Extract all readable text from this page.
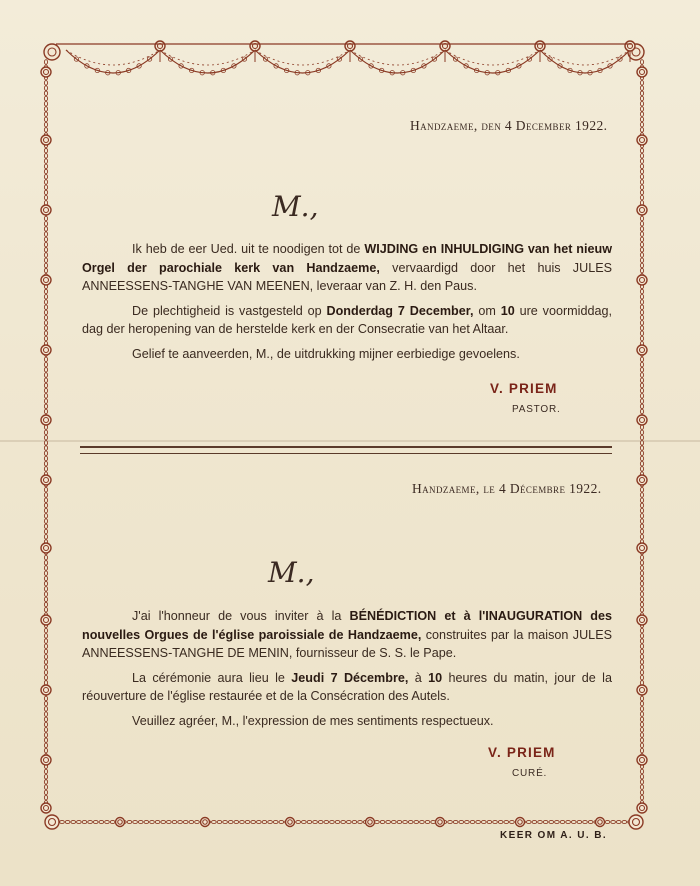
Handzaeme, den 4 December 1922.
M.,

Ik heb de eer Ued. uit te noodigen tot de WIJDING en INHULDIGING van het nieuw Orgel der parochiale kerk van Handzaeme, vervaardigd door het huis JULES ANNEESSENS-TANGHE VAN MEENEN, leveraar van Z. H. den Paus.

De plechtigheid is vastgesteld op Donderdag 7 December, om 10 ure voormiddag, dag der heropening van de herstelde kerk en der Consecratie van het Altaar.

Gelief te aanveerden, M., de uitdrukking mijner eerbiedige gevoelens.

V. PRIEM
PASTOR.
Handzaeme, le 4 Décembre 1922.
M.,

J'ai l'honneur de vous inviter à la BÉNÉDICTION et à l'INAUGURATION des nouvelles Orgues de l'église paroissiale de Handzaeme, construites par la maison JULES ANNEESSENS-TANGHE DE MENIN, fournisseur de S. S. le Pape.

La cérémonie aura lieu le Jeudi 7 Décembre, à 10 heures du matin, jour de la réouverture de l'église restaurée et de la Consécration des Autels.

Veuillez agréer, M., l'expression de mes sentiments respectueux.

V. PRIEM
CURÉ.
KEER OM A. U. B.
